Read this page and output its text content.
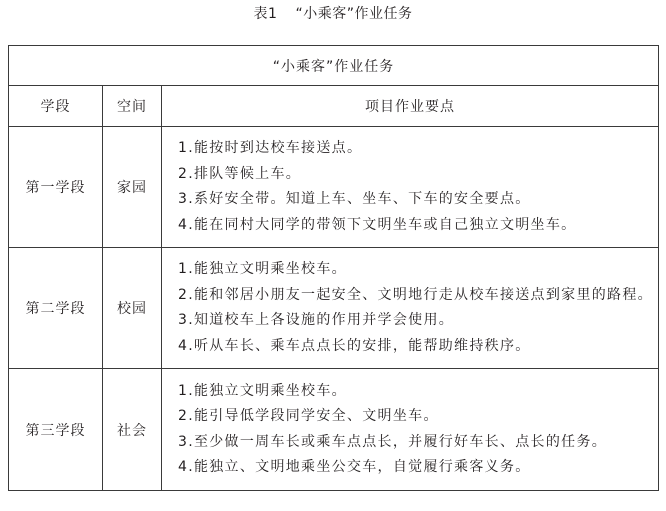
表1 “小乘客”作业任务
“小乘客”作业任务		
学段	空间	项目作业要点
第一学段	家园	1.能按时到达校车接送点。
2.排队等候上车。
3.系好安全带。知道上车、坐车、下车的安全要点。
4.能在同村大同学的带领下文明坐车或自己独立文明坐车。

第二学段	校园	1.能独立文明乘坐校车。
2.能和邻居小朋友一起安全、文明地行走从校车接送点到家里的路程。
3.知道校车上各设施的作用并学会使用。
4.听从车长、乘车点点长的安排，能帮助维持秩序。

第三学段	社会	1.能独立文明乘坐校车。
2.能引导低学段同学安全、文明坐车。
3.至少做一周车长或乘车点点长，并履行好车长、点长的任务。
4.能独立、文明地乘坐公交车，自觉履行乘客义务。
